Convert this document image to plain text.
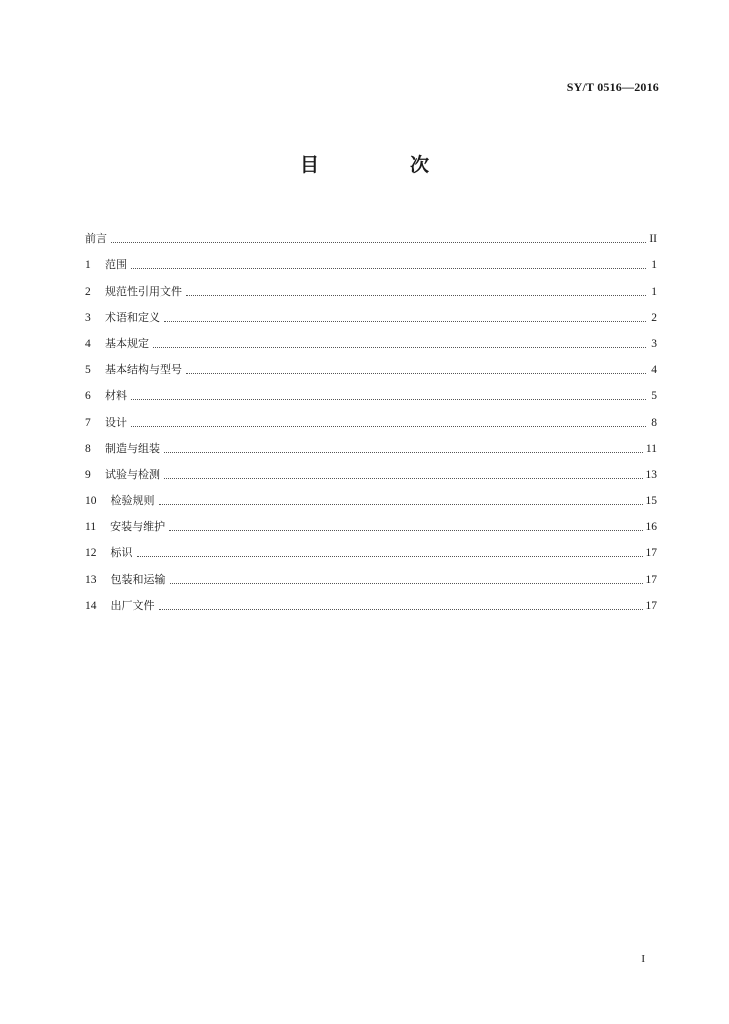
SY/T 0516—2016
目　次
前言	II
1 范围	1
2 规范性引用文件	1
3 术语和定义	2
4 基本规定	3
5 基本结构与型号	4
6 材料	5
7 设计	8
8 制造与组装	11
9 试验与检测	13
10 检验规则	15
11 安装与维护	16
12 标识	17
13 包装和运输	17
14 出厂文件	17
I
